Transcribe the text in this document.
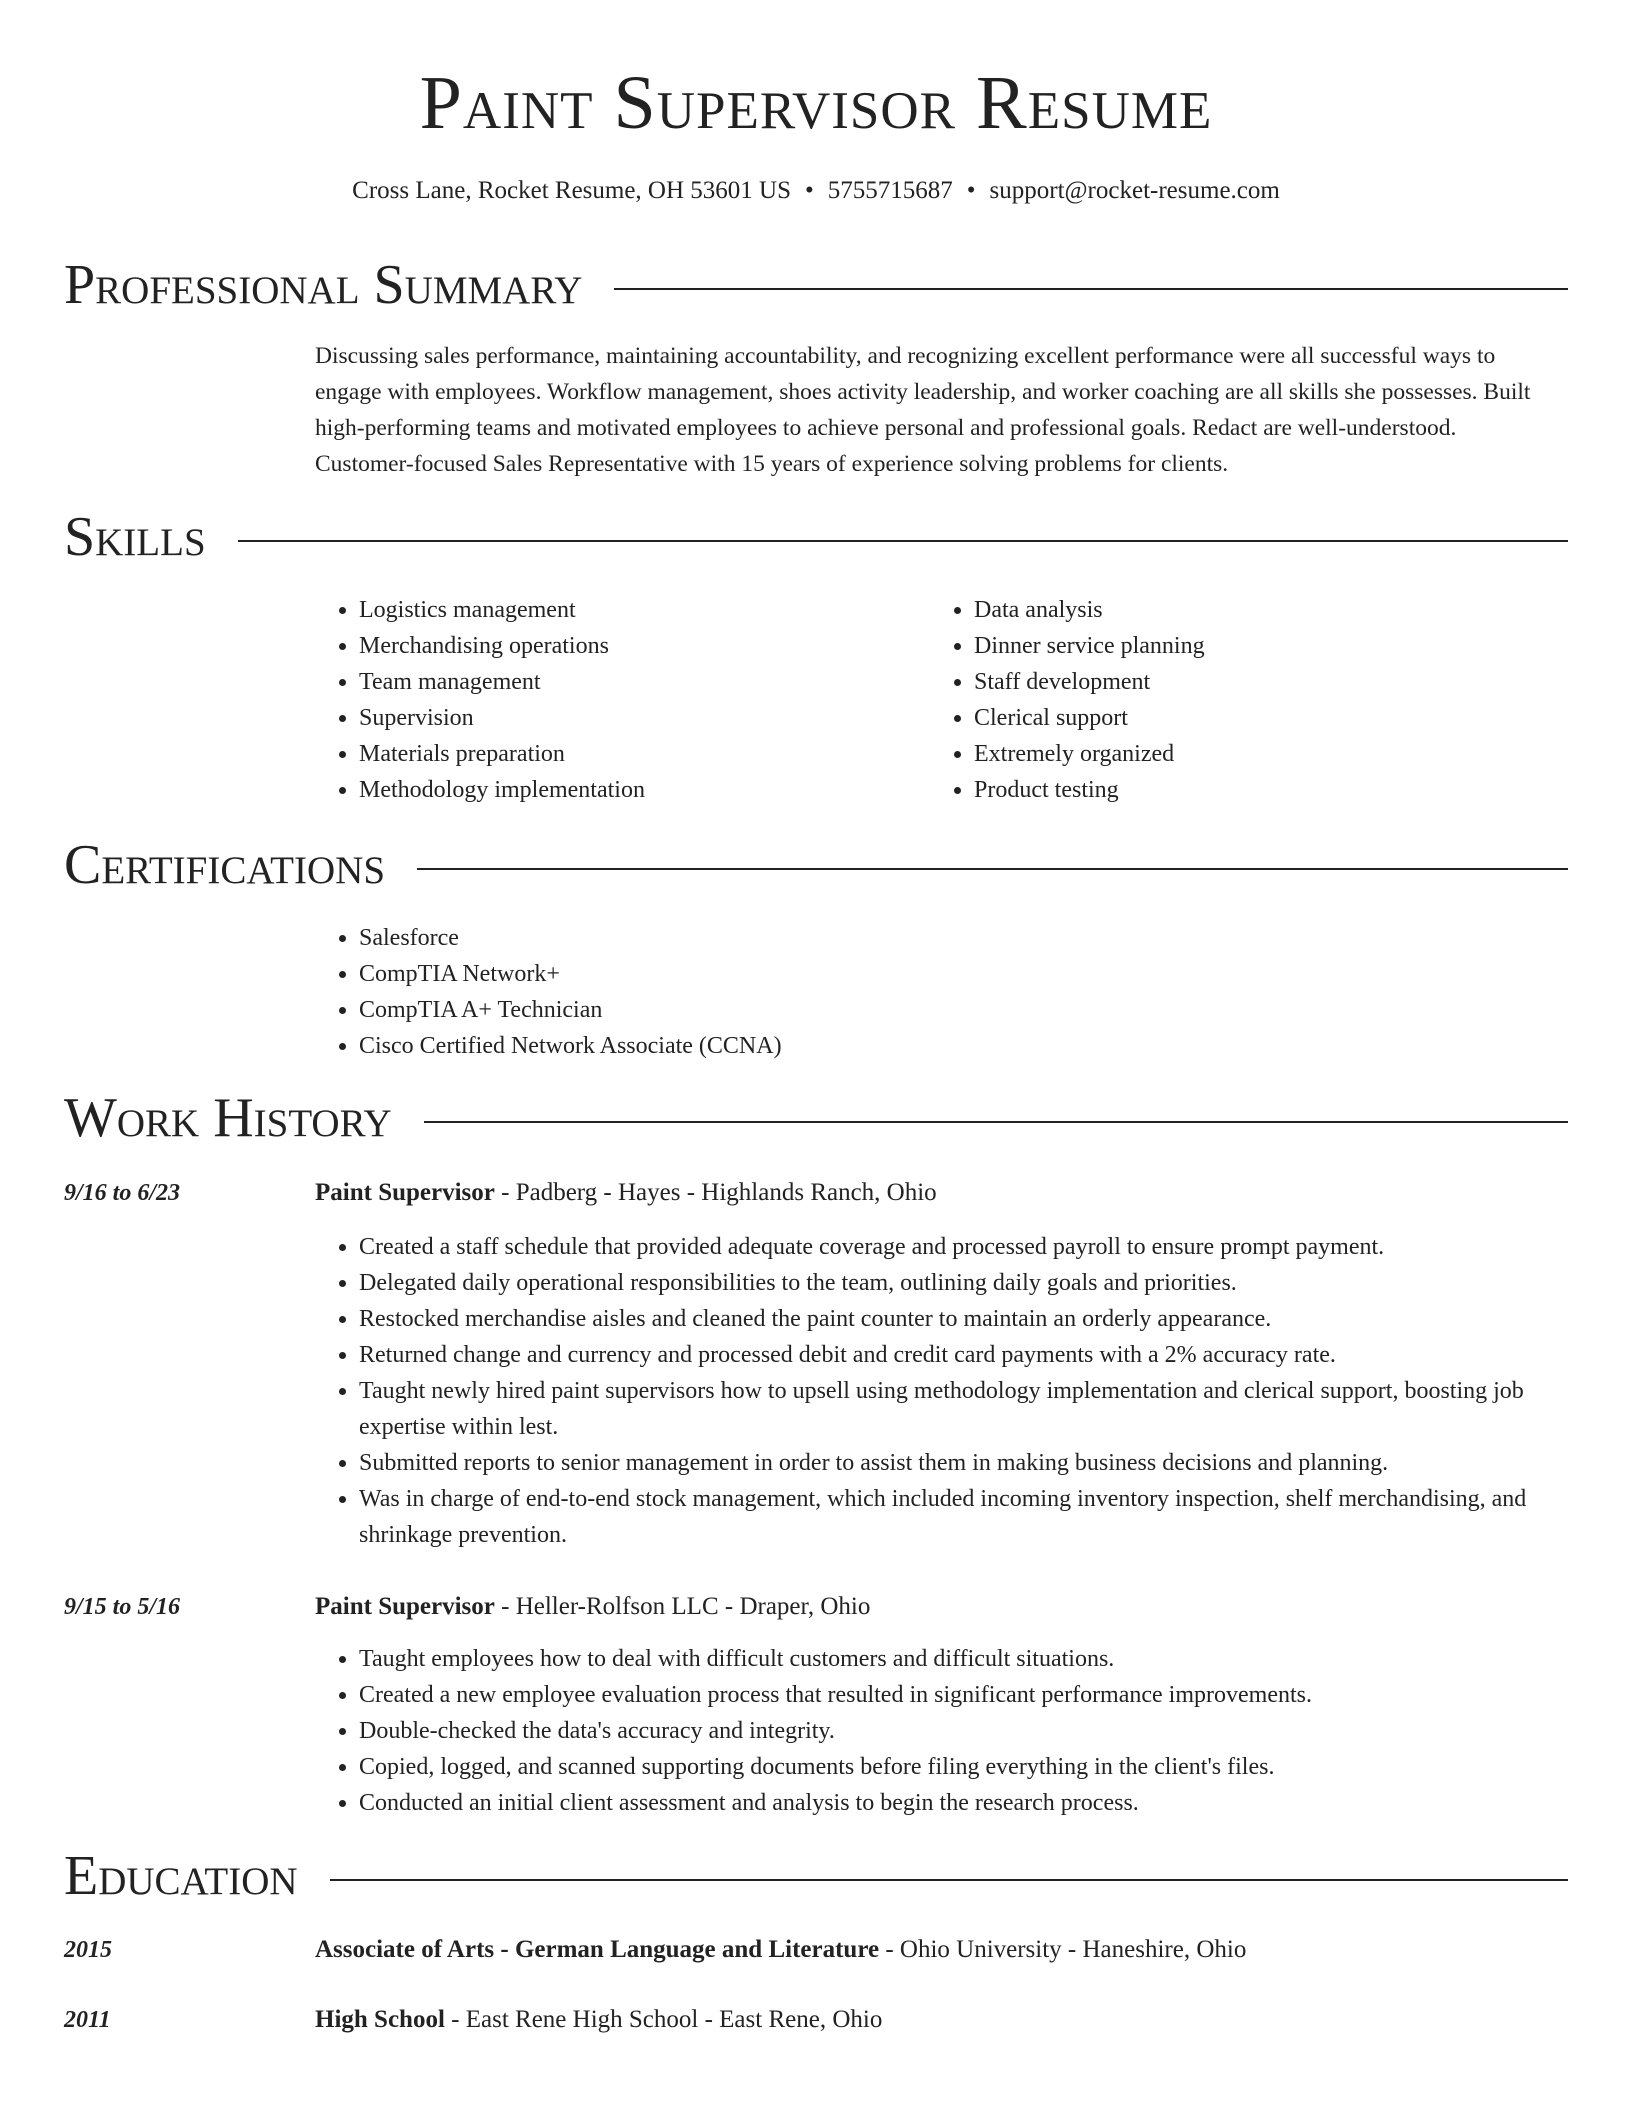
Paint Supervisor Resume
Cross Lane, Rocket Resume, OH 53601 US • 5755715687 • support@rocket-resume.com
Professional Summary
Discussing sales performance, maintaining accountability, and recognizing excellent performance were all successful ways to engage with employees. Workflow management, shoes activity leadership, and worker coaching are all skills she possesses. Built high-performing teams and motivated employees to achieve personal and professional goals. Redact are well-understood. Customer-focused Sales Representative with 15 years of experience solving problems for clients.
Skills
• Logistics management
• Merchandising operations
• Team management
• Supervision
• Materials preparation
• Methodology implementation
• Data analysis
• Dinner service planning
• Staff development
• Clerical support
• Extremely organized
• Product testing
Certifications
• Salesforce
• CompTIA Network+
• CompTIA A+ Technician
• Cisco Certified Network Associate (CCNA)
Work History
9/16 to 6/23	Paint Supervisor - Padberg - Hayes - Highlands Ranch, Ohio
• Created a staff schedule that provided adequate coverage and processed payroll to ensure prompt payment.
• Delegated daily operational responsibilities to the team, outlining daily goals and priorities.
• Restocked merchandise aisles and cleaned the paint counter to maintain an orderly appearance.
• Returned change and currency and processed debit and credit card payments with a 2% accuracy rate.
• Taught newly hired paint supervisors how to upsell using methodology implementation and clerical support, boosting job expertise within lest.
• Submitted reports to senior management in order to assist them in making business decisions and planning.
• Was in charge of end-to-end stock management, which included incoming inventory inspection, shelf merchandising, and shrinkage prevention.
9/15 to 5/16	Paint Supervisor - Heller-Rolfson LLC - Draper, Ohio
• Taught employees how to deal with difficult customers and difficult situations.
• Created a new employee evaluation process that resulted in significant performance improvements.
• Double-checked the data's accuracy and integrity.
• Copied, logged, and scanned supporting documents before filing everything in the client's files.
• Conducted an initial client assessment and analysis to begin the research process.
Education
2015	Associate of Arts - German Language and Literature - Ohio University - Haneshire, Ohio
2011	High School - East Rene High School - East Rene, Ohio
